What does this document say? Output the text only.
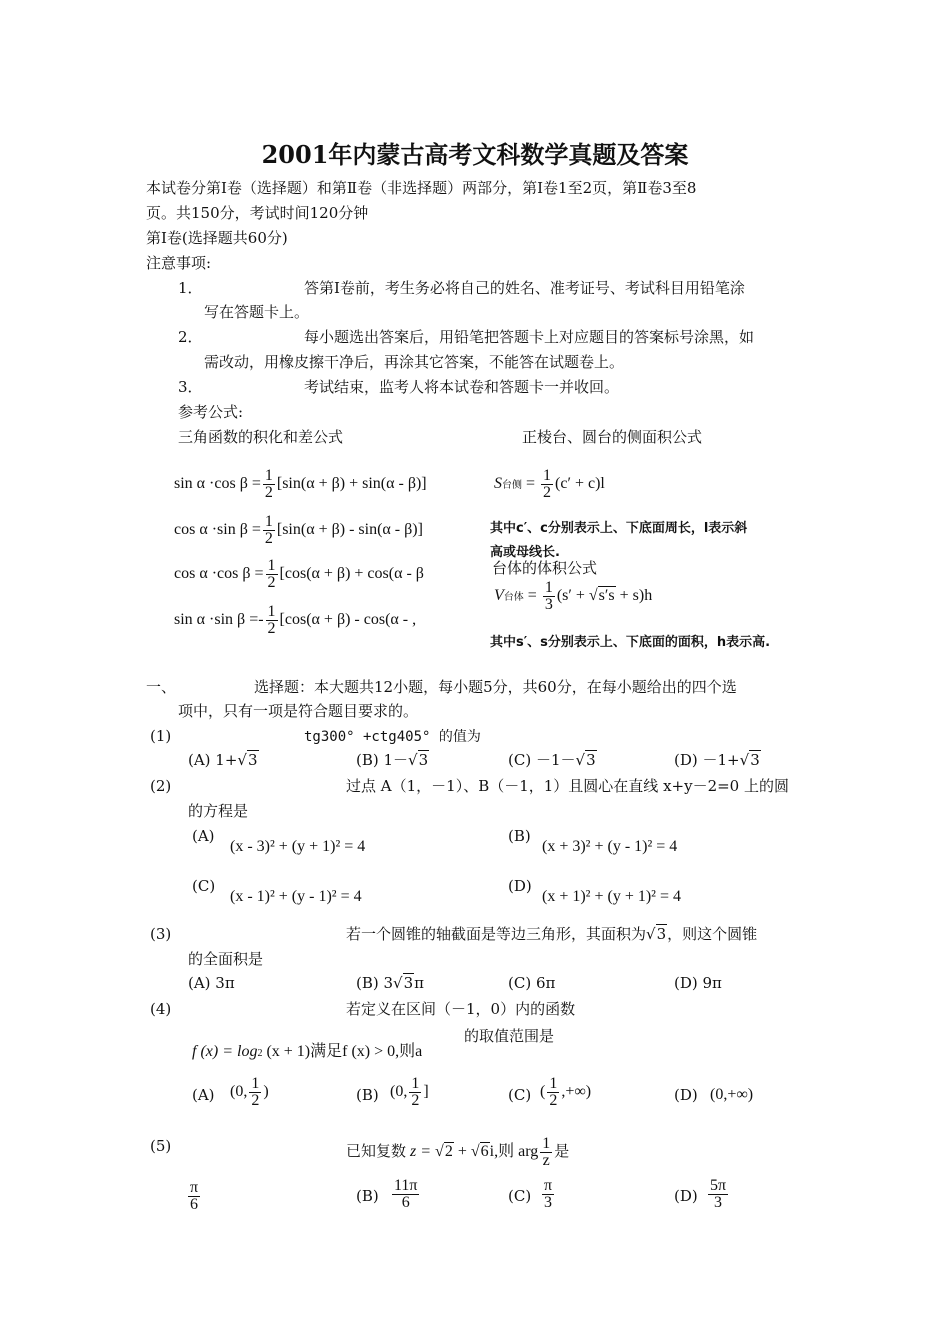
2001年内蒙古高考文科数学真题及答案
本试卷分第Ⅰ卷（选择题）和第Ⅱ卷（非选择题）两部分，第Ⅰ卷1至2页，第Ⅱ卷3至8
页。共150分，考试时间120分钟
第Ⅰ卷(选择题共60分)
注意事项:
1．	答第Ⅰ卷前，考生务必将自己的姓名、准考证号、考试科目用铅笔涂
写在答题卡上。
2．	每小题选出答案后，用铅笔把答题卡上对应题目的答案标号涂黑，如
需改动，用橡皮擦干净后，再涂其它答案，不能答在试题卷上。
3．	考试结束，监考人将本试卷和答题卡一并收回。
参考公式:
三角函数的积化和差公式	正棱台、圆台的侧面积公式
sin α ·cos $\beta = \frac{1}{2} [\sin(\alpha + \beta) + \sin(\alpha - \beta)]$
cos α ·sin $\beta = \frac{1}{2} [\sin(\alpha + \beta) - \sin(\alpha - \beta)]$
cos α ·cos $\beta = \frac{1}{2} [\cos(\alpha + \beta) + \cos(\alpha - \beta$
sin α ·sin $\beta =- \frac{1}{2} [\cos(\alpha + \beta) - \cos(\alpha$ - ,
S台侧 = $\frac{1}{2} (c' + c)l$
其中c′、c分别表示上、下底面周长，l表示斜
高或母线长.
台体的体积公式
V台体 = $\frac{1}{3} (s' + √s's + s)h$
其中s′、s分别表示上、下底面的面积，h表示高.
一、	选择题：本大题共12小题，每小题5分，共60分，在每小题给出的四个选
项中，只有一项是符合题目要求的。
(1)	tg300° +ctg405° 的值为
(A) 1+√3	(B) 1－√3	(C) －1－√3	(D) －1+√3
(2)	过点 A（1，－1）、B（－1，1）且圆心在直线 x+y－2=0 上的圆
的方程是
(A)
(x - 3)² + (y + 1)² = 4
(B)
(x + 3)² + (y - 1)² = 4
(C)
(x - 1)² + (y - 1)² = 4
(D)
(x + 1)² + (y + 1)² = 4
(3)	若一个圆锥的轴截面是等边三角形，其面积为√3，则这个圆锥
的全面积是
(A) 3π	(B) 3√3π	(C) 6π	(D) 9π
(4)	若定义在区间（－1，0）内的函数
f (x) = log2 (x + 1)满足f (x) > 0,则a
的取值范围是
(A) (0, $\frac{1}{2}$ )	(B) (0, $\frac{1}{2}$ ]	(C) ( $\frac{1}{2}$ ,+∞)	(D) (0,+∞)
(5)	已知复数 z = √2 + √6i,则 arg $\frac{1}{z}$ 是
$\frac{\pi}{6}$	$(B) \frac{11\pi}{6}$	$(C) \frac{\pi}{3}$	$(D) \frac{5\pi}{3}$
